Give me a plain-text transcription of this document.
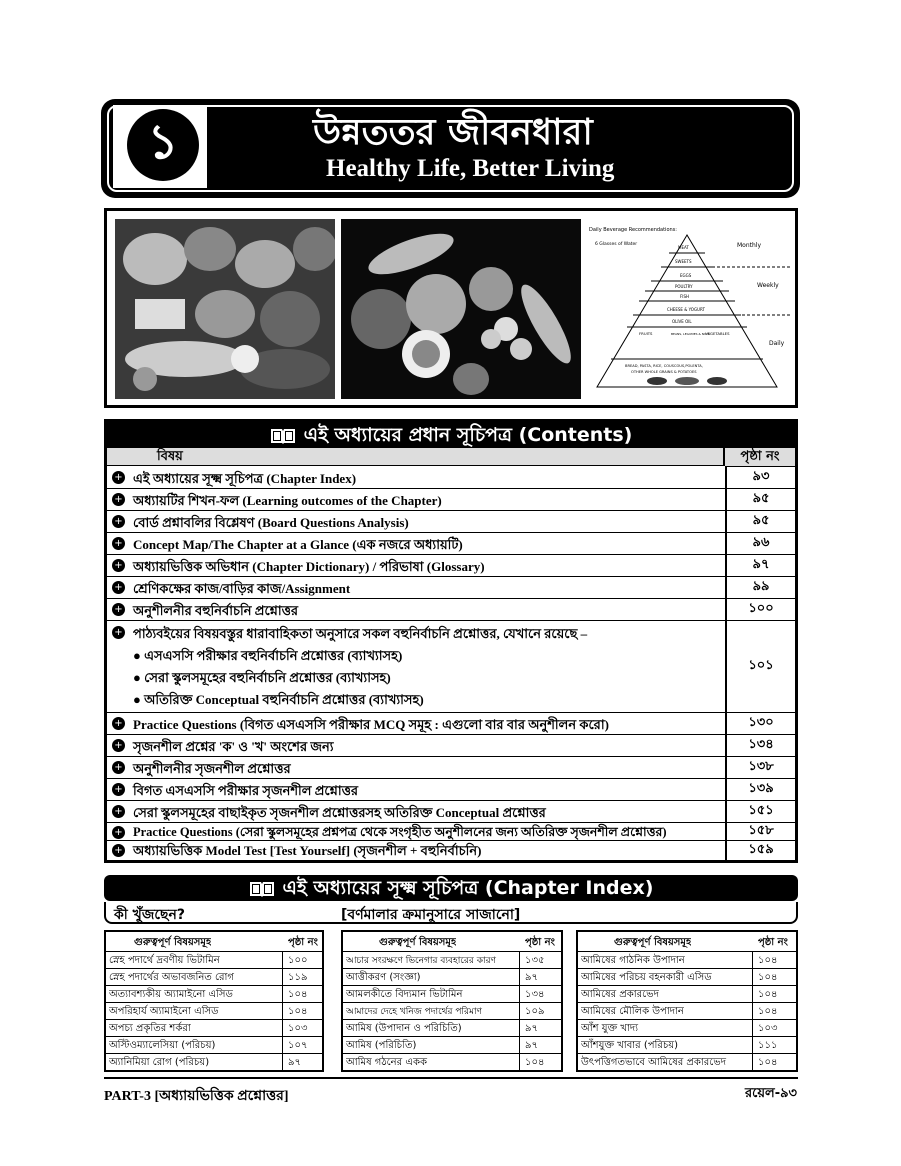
১	উন্নততর জীবনধারা
Healthy Life, Better Living
Daily Beverage Recommendations:
6 Glasses of Water
MEAT
SWEETS
EGGS
POULTRY
FISH
CHEESE & YOGURT
OLIVE OIL
FRUITS	BEANS, LEGUMES & NUTS
VEGETABLES
BREAD, PASTA, RICE, COUSCOUS,POLENTA,
OTHER WHOLE GRAINS & POTATOES
Monthly
Weekly
Daily
এই অধ্যায়ের প্রধান সূচিপত্র (Contents)
বিষয়	পৃষ্ঠা নং
+ এই অধ্যায়ের সূক্ষ্ম সূচিপত্র (Chapter Index)	৯৩
+ অধ্যায়টির শিখন-ফল (Learning outcomes of the Chapter)	৯৫
+ বোর্ড প্রশ্নাবলির বিশ্লেষণ (Board Questions Analysis)	৯৫
+ Concept Map/The Chapter at a Glance (এক নজরে অধ্যায়টি)	৯৬
+ অধ্যায়ভিত্তিক অভিধান (Chapter Dictionary) / পরিভাষা (Glossary)	৯৭
+ শ্রেণিকক্ষের কাজ/বাড়ির কাজ/Assignment	৯৯
+ অনুশীলনীর বহুনির্বাচনি প্রশ্নোত্তর	১০০
+ পাঠ্যবইয়ের বিষয়বস্তুর ধারাবাহিকতা অনুসারে সকল বহুনির্বাচনি প্রশ্নোত্তর, যেখানে রয়েছে –
● এসএসসি পরীক্ষার বহুনির্বাচনি প্রশ্নোত্তর (ব্যাখ্যাসহ)
● সেরা স্কুলসমূহের বহুনির্বাচনি প্রশ্নোত্তর (ব্যাখ্যাসহ)
● অতিরিক্ত Conceptual বহুনির্বাচনি প্রশ্নোত্তর (ব্যাখ্যাসহ)
১০১
+ Practice Questions (বিগত এসএসসি পরীক্ষার MCQ সমূহ : এগুলো বার বার অনুশীলন করো)	১৩০
+ সৃজনশীল প্রশ্নের 'ক' ও 'খ' অংশের জন্য	১৩৪
+ অনুশীলনীর সৃজনশীল প্রশ্নোত্তর	১৩৮
+ বিগত এসএসসি পরীক্ষার সৃজনশীল প্রশ্নোত্তর	১৩৯
+ সেরা স্কুলসমূহের বাছাইকৃত সৃজনশীল প্রশ্নোত্তরসহ অতিরিক্ত Conceptual প্রশ্নোত্তর	১৫১
+ Practice Questions (সেরা স্কুলসমূহের প্রশ্নপত্র থেকে সংগৃহীত অনুশীলনের জন্য অতিরিক্ত সৃজনশীল প্রশ্নোত্তর)	১৫৮
+ অধ্যায়ভিত্তিক Model Test [Test Yourself] (সৃজনশীল + বহুনির্বাচনি)	১৫৯
এই অধ্যায়ের সূক্ষ্ম সূচিপত্র (Chapter Index)
কী খুঁজছেন?	[বর্ণমালার ক্রমানুসারে সাজানো]
গুরুত্বপূর্ণ বিষয়সমূহ	পৃষ্ঠা নং
স্নেহ পদার্থে দ্রবণীয় ভিটামিন	১০০
স্নেহ পদার্থের অভাবজনিত রোগ	১১৯
অত্যাবশ্যকীয় অ্যামাইনো এসিড	১০৪
অপরিহার্য অ্যামাইনো এসিড	১০৪
অপচ্য প্রকৃতির শর্করা	১০৩
অস্টিওম্যালেসিয়া (পরিচয়)	১০৭
অ্যানিমিয়া রোগ (পরিচয়)	৯৭
গুরুত্বপূর্ণ বিষয়সমূহ	পৃষ্ঠা নং
আচার সংরক্ষণে ভিনেগার ব্যবহারের কারণ	১৩৫
আত্তীকরণ (সংজ্ঞা)	৯৭
আমলকীতে বিদ্যমান ভিটামিন	১৩৪
আমাদের দেহে খনিজ পদার্থের পরিমাণ	১০৯
আমিষ (উপাদান ও পরিচিতি)	৯৭
আমিষ (পরিচিতি)	৯৭
আমিষ গঠনের একক	১০৪
গুরুত্বপূর্ণ বিষয়সমূহ	পৃষ্ঠা নং
আমিষের গাঠনিক উপাদান	১০৪
আমিষের পরিচয় বহনকারী এসিড	১০৪
আমিষের প্রকারভেদ	১০৪
আমিষের মৌলিক উপাদান	১০৪
আঁশ যুক্ত খাদ্য	১০৩
আঁশযুক্ত খাবার (পরিচয়)	১১১
উৎপত্তিগতভাবে আমিষের প্রকারভেদ	১০৪
PART-3 [অধ্যায়ভিত্তিক প্রশ্নোত্তর]	রয়েল-৯৩
